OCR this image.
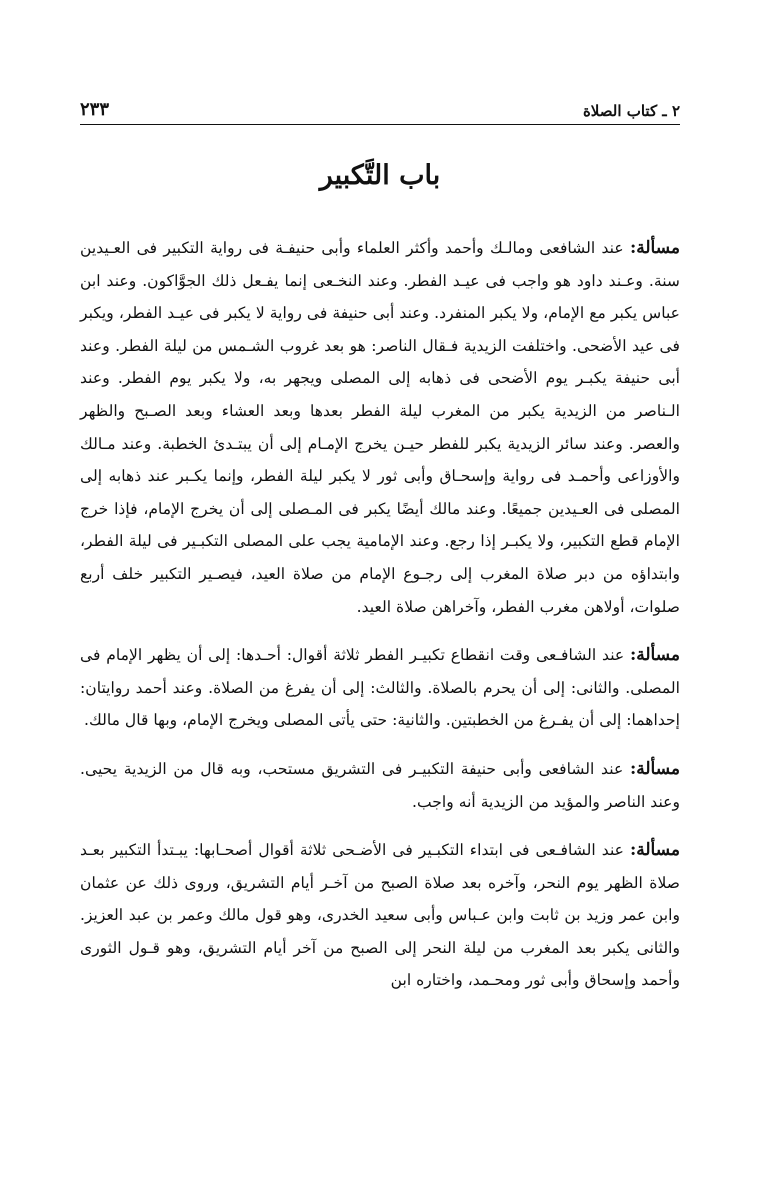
٢ ـ كتاب الصلاة
٢٣٣
باب التَّكبير

مسألة: عند الشافعى ومالـك وأحمد وأكثر العلماء وأبى حنيفـة فى رواية التكبير فى العـيدين سنة. وعـند داود هو واجب فى عيـد الفطر. وعند النخـعى إنما يفـعل ذلك الجوَّاكون. وعند ابن عباس يكبر مع الإمام، ولا يكبر المنفرد. وعند أبى حنيفة فى رواية لا يكبر فى عيـد الفطر، ويكبر فى عيد الأضحى. واختلفت الزيدية فـقال الناصر: هو بعد غروب الشـمس من ليلة الفطر. وعند أبى حنيفة يكبـر يوم الأضحى فى ذهابه إلى المصلى ويجهر به، ولا يكبر يوم الفطر. وعند الـناصر من الزيدية يكبر من المغرب ليلة الفطر بعدها وبعد العشاء وبعد الصـبح والظهر والعصر. وعند سائر الزيدية يكبر للفطر حيـن يخرج الإمـام إلى أن يبتـدئ الخطبة. وعند مـالك والأوزاعى وأحمـد فى رواية وإسحـاق وأبى ثور لا يكبر ليلة الفطر، وإنما يكـبر عند ذهابه إلى المصلى فى العـيدين جميعًا. وعند مالك أيضًا يكبر فى المـصلى إلى أن يخرج الإمام، فإذا خرج الإمام قطع التكبير، ولا يكبـر إذا رجع. وعند الإمامية يجب على المصلى التكبـير فى ليلة الفطر، وابتداؤه من دبر صلاة المغرب إلى رجـوع الإمام من صلاة العيد، فيصـير التكبير خلف أربع صلوات، أولاهن مغرب الفطر، وآخراهن صلاة العيد.

مسألة: عند الشافـعى وقت انقطاع تكبيـر الفطر ثلاثة أقوال: أحـدها: إلى أن يظهر الإمام فى المصلى. والثانى: إلى أن يحرم بالصلاة. والثالث: إلى أن يفرغ من الصلاة. وعند أحمد روايتان: إحداهما: إلى أن يفـرغ من الخطبتين. والثانية: حتى يأتى المصلى ويخرج الإمام، وبها قال مالك.

مسألة: عند الشافعى وأبى حنيفة التكبيـر فى التشريق مستحب، وبه قال من الزيدية يحيى. وعند الناصر والمؤيد من الزيدية أنه واجب.

مسألة: عند الشافـعى فى ابتداء التكبـير فى الأضـحى ثلاثة أقوال أصحـابها: يبـتدأ التكبير بعـد صلاة الظهر يوم النحر، وآخره بعد صلاة الصبح من آخـر أيام التشريق، وروى ذلك عن عثمان وابن عمر وزيد بن ثابت وابن عـباس وأبى سعيد الخدرى، وهو قول مالك وعمر بن عبد العزيز. والثانى يكبر بعد المغرب من ليلة النحر إلى الصبح من آخر أيام التشريق، وهو قـول الثورى وأحمد وإسحاق وأبى ثور ومحـمد، واختاره ابن
